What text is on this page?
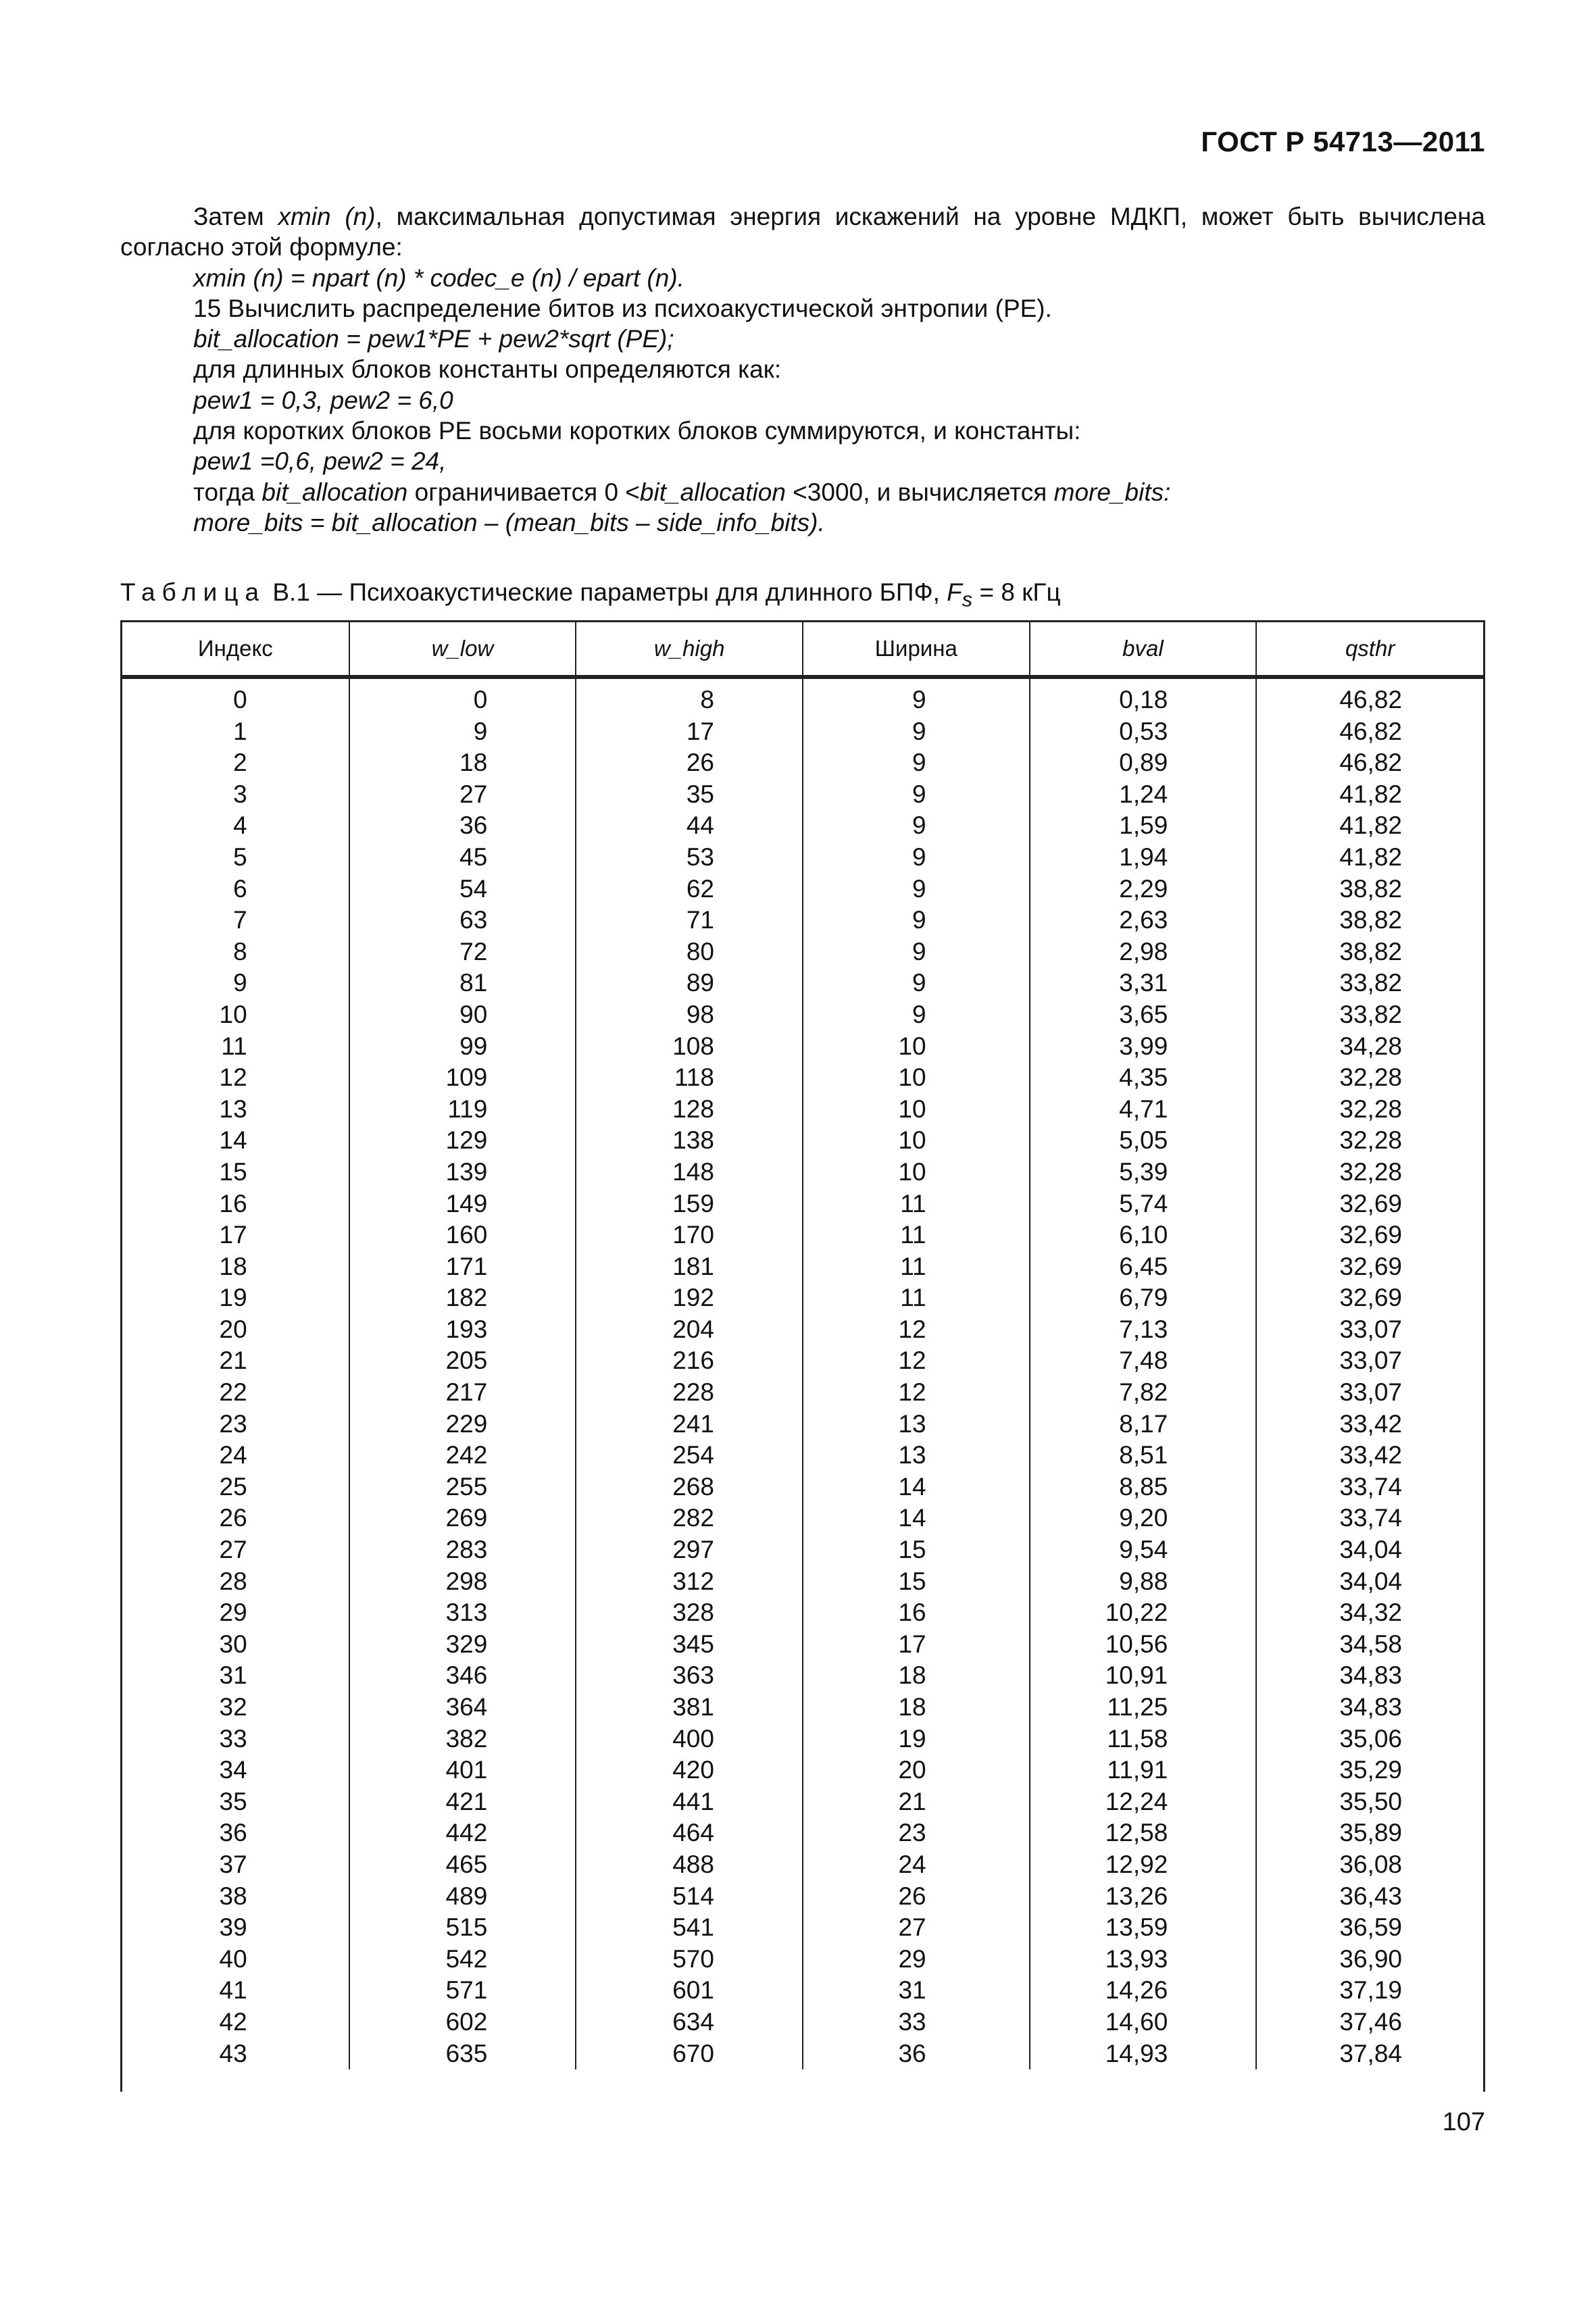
ГОСТ Р 54713—2011

Затем xmin (n), максимальная допустимая энергия искажений на уровне МДКП, может быть вычислена

согласно этой формуле:

xmin (n) = npart (n) * codec_e (n) / epart (n).

15 Вычислить распределение битов из психоакустической энтропии (PE).

bit_allocation = pew1*PE + pew2*sqrt (PE);

для длинных блоков константы определяются как:

pew1 = 0,3, pew2 = 6,0

для коротких блоков PE восьми коротких блоков суммируются, и константы:

pew1 =0,6, pew2 = 24,

тогда bit_allocation ограничивается 0 <bit_allocation <3000, и вычисляется more_bits:

more_bits = bit_allocation – (mean_bits – side_info_bits).

Таблица В.1 — Психоакустические параметры для длинного БПФ, $F_s = 8$ кГц
Индекс	w_low	w_high	Ширина	bval	qsthr

0	0	8	9	0,18	46,82
1	9	17	9	0,53	46,82
2	18	26	9	0,89	46,82
3	27	35	9	1,24	41,82
4	36	44	9	1,59	41,82
5	45	53	9	1,94	41,82
6	54	62	9	2,29	38,82
7	63	71	9	2,63	38,82
8	72	80	9	2,98	38,82
9	81	89	9	3,31	33,82
10	90	98	9	3,65	33,82
11	99	108	10	3,99	34,28
12	109	118	10	4,35	32,28
13	119	128	10	4,71	32,28
14	129	138	10	5,05	32,28
15	139	148	10	5,39	32,28
16	149	159	11	5,74	32,69
17	160	170	11	6,10	32,69
18	171	181	11	6,45	32,69
19	182	192	11	6,79	32,69
20	193	204	12	7,13	33,07
21	205	216	12	7,48	33,07
22	217	228	12	7,82	33,07
23	229	241	13	8,17	33,42
24	242	254	13	8,51	33,42
25	255	268	14	8,85	33,74
26	269	282	14	9,20	33,74
27	283	297	15	9,54	34,04
28	298	312	15	9,88	34,04
29	313	328	16	10,22	34,32
30	329	345	17	10,56	34,58
31	346	363	18	10,91	34,83
32	364	381	18	11,25	34,83
33	382	400	19	11,58	35,06
34	401	420	20	11,91	35,29
35	421	441	21	12,24	35,50
36	442	464	23	12,58	35,89
37	465	488	24	12,92	36,08
38	489	514	26	13,26	36,43
39	515	541	27	13,59	36,59
40	542	570	29	13,93	36,90
41	571	601	31	14,26	37,19
42	602	634	33	14,60	37,46
43	635	670	36	14,93	37,84
107
